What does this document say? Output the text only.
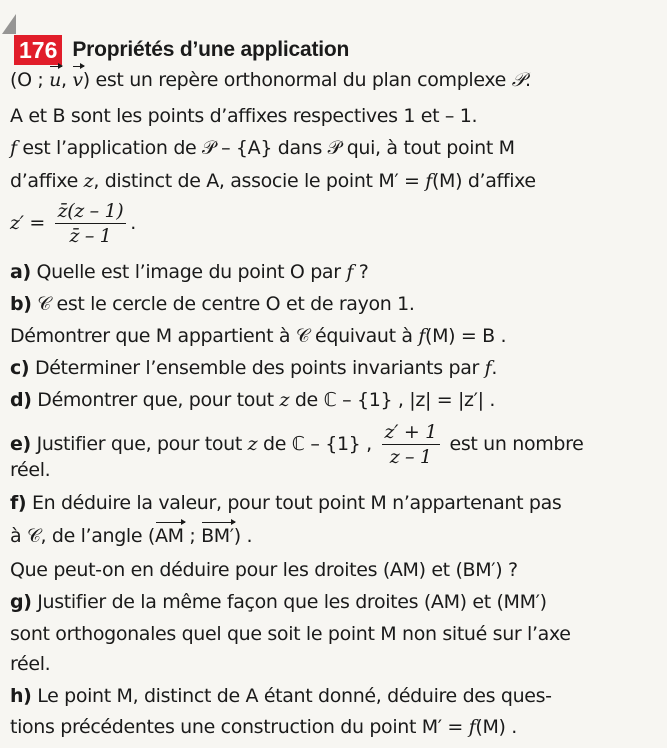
176 Propriétés d’une application
(O ; u, v) est un repère orthonormal du plan complexe 𝒫.
A et B sont les points d’affixes respectives 1 et – 1.
f est l’application de 𝒫 – {A} dans 𝒫 qui, à tout point M
d’affixe z, distinct de A, associe le point M′ = f(M) d’affixe
$z' = \frac{z̄(z - 1)}{z̄ - 1}$ .
a) Quelle est l’image du point O par f ?
b) 𝒞 est le cercle de centre O et de rayon 1.
Démontrer que M appartient à 𝒞 équivaut à f(M) = B .
c) Déterminer l’ensemble des points invariants par f.
d) Démontrer que, pour tout z de ℂ – {1} , |z| = |z′| .
e) Justifier que, pour tout z de ℂ – {1} , $\frac{z' + 1}{z - 1}$ est un nombre
réel.
f) En déduire la valeur, pour tout point M n’appartenant pas
à 𝒞, de l’angle (AM ; BM′) .
Que peut-on en déduire pour les droites (AM) et (BM′) ?
g) Justifier de la même façon que les droites (AM) et (MM′)
sont orthogonales quel que soit le point M non situé sur l’axe
réel.
h) Le point M, distinct de A étant donné, déduire des ques-
tions précédentes une construction du point M′ = f(M) .
